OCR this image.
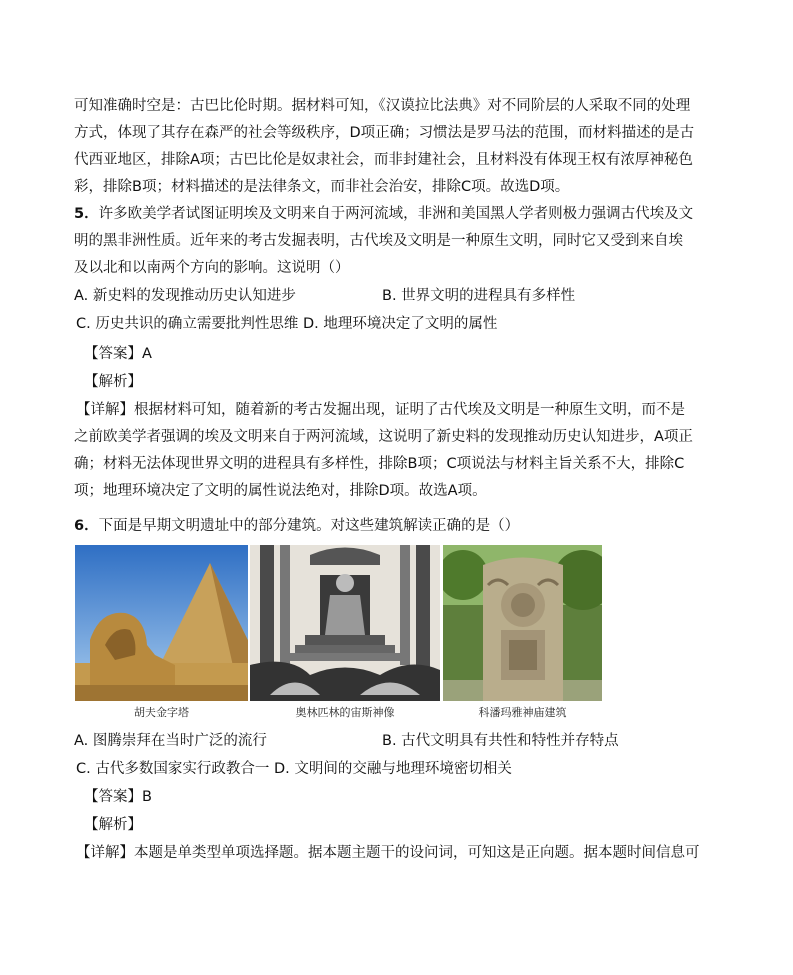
可知准确时空是：古巴比伦时期。据材料可知，《汉谟拉比法典》对不同阶层的人采取不同的处理
方式，体现了其存在森严的社会等级秩序，D项正确；习惯法是罗马法的范围，而材料描述的是古
代西亚地区，排除A项；古巴比伦是奴隶社会，而非封建社会，且材料没有体现王权有浓厚神秘色
彩，排除B项；材料描述的是法律条文，而非社会治安，排除C项。故选D项。
5．许多欧美学者试图证明埃及文明来自于两河流域，非洲和美国黑人学者则极力强调古代埃及文
明的黑非洲性质。近年来的考古发掘表明，古代埃及文明是一种原生文明，同时它又受到来自埃
及以北和以南两个方向的影响。这说明（）
A. 新史料的发现推动历史认知进步	B. 世界文明的进程具有多样性
C. 历史共识的确立需要批判性思维 D. 地理环境决定了文明的属性
【答案】A
【解析】
【详解】根据材料可知，随着新的考古发掘出现，证明了古代埃及文明是一种原生文明，而不是
之前欧美学者强调的埃及文明来自于两河流域，这说明了新史料的发现推动历史认知进步，A项正
确；材料无法体现世界文明的进程具有多样性，排除B项；C项说法与材料主旨关系不大，排除C
项；地理环境决定了文明的属性说法绝对，排除D项。故选A项。
6．下面是早期文明遗址中的部分建筑。对这些建筑解读正确的是（）
胡夫金字塔	奥林匹林的宙斯神像	科潘玛雅神庙建筑
A. 图腾崇拜在当时广泛的流行	B. 古代文明具有共性和特性并存特点
C. 古代多数国家实行政教合一 D. 文明间的交融与地理环境密切相关
【答案】B
【解析】
【详解】本题是单类型单项选择题。据本题主题干的设问词，可知这是正向题。据本题时间信息可
